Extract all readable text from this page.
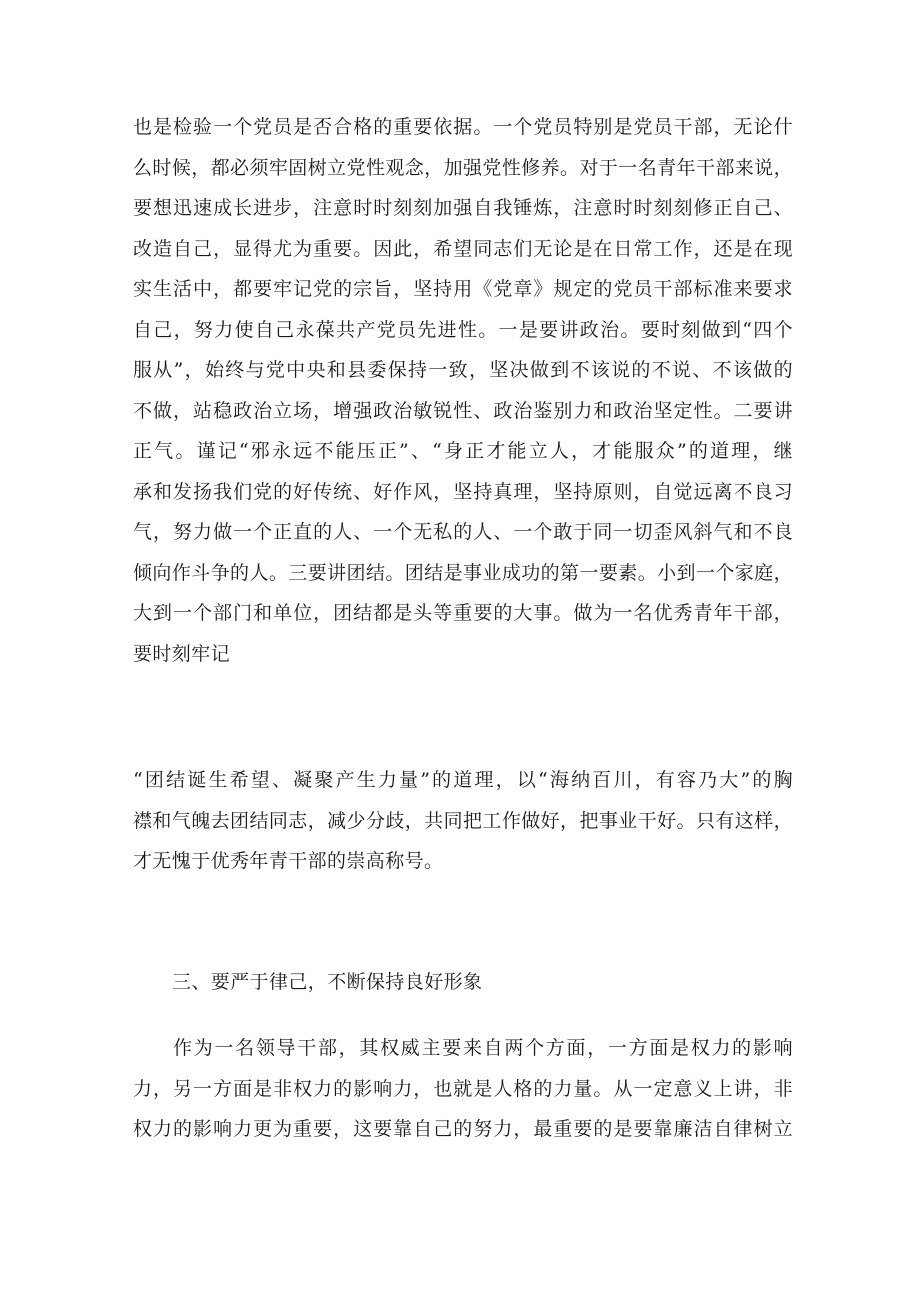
也是检验一个党员是否合格的重要依据。一个党员特别是党员干部，无论什
么时候，都必须牢固树立党性观念，加强党性修养。对于一名青年干部来说，
要想迅速成长进步，注意时时刻刻加强自我锤炼，注意时时刻刻修正自己、
改造自己，显得尤为重要。因此，希望同志们无论是在日常工作，还是在现
实生活中，都要牢记党的宗旨，坚持用《党章》规定的党员干部标准来要求
自己，努力使自己永葆共产党员先进性。一是要讲政治。要时刻做到“四个
服从”，始终与党中央和县委保持一致，坚决做到不该说的不说、不该做的
不做，站稳政治立场，增强政治敏锐性、政治鉴别力和政治坚定性。二要讲
正气。谨记“邪永远不能压正”、“身正才能立人，才能服众”的道理，继
承和发扬我们党的好传统、好作风，坚持真理，坚持原则，自觉远离不良习
气，努力做一个正直的人、一个无私的人、一个敢于同一切歪风斜气和不良
倾向作斗争的人。三要讲团结。团结是事业成功的第一要素。小到一个家庭，
大到一个部门和单位，团结都是头等重要的大事。做为一名优秀青年干部，
要时刻牢记
“团结诞生希望、凝聚产生力量”的道理，以“海纳百川，有容乃大”的胸
襟和气魄去团结同志，减少分歧，共同把工作做好，把事业干好。只有这样，
才无愧于优秀年青干部的崇高称号。

三、要严于律己，不断保持良好形象

作为一名领导干部，其权威主要来自两个方面，一方面是权力的影响
力，另一方面是非权力的影响力，也就是人格的力量。从一定意义上讲，非
权力的影响力更为重要，这要靠自己的努力，最重要的是要靠廉洁自律树立
